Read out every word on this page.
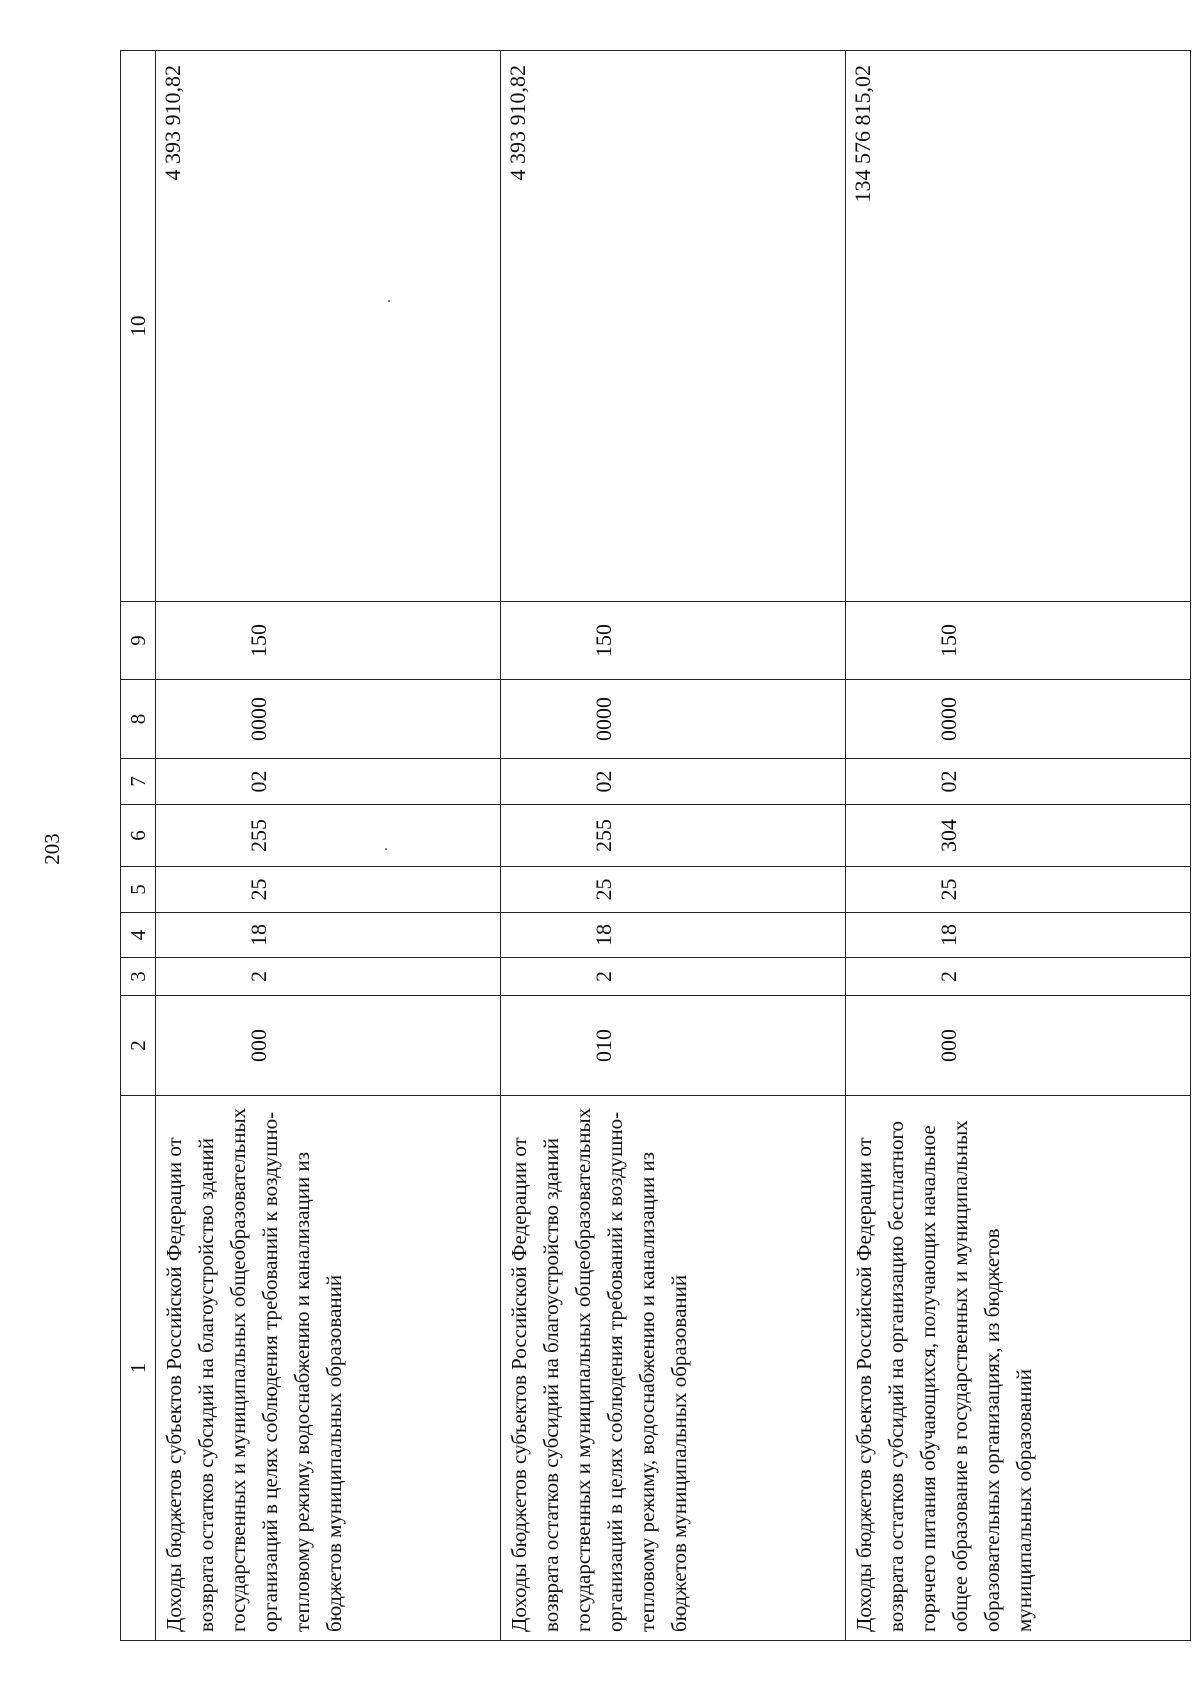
203
1	2	3	4	5	6	7	8	9	10
Доходы бюджетов субъектов Российской Федерации от возврата остатков субсидий на благоустройство зданий государственных и муниципальных общеобразовательных организаций в целях соблюдения требований к воздушно-тепловому режиму, водоснабжению и канализации из бюджетов муниципальных образований	000	2	18	25	255	02	0000	150	4 393 910,82
Доходы бюджетов субъектов Российской Федерации от возврата остатков субсидий на благоустройство зданий государственных и муниципальных общеобразовательных организаций в целях соблюдения требований к воздушно-тепловому режиму, водоснабжению и канализации из бюджетов муниципальных образований	010	2	18	25	255	02	0000	150	4 393 910,82
Доходы бюджетов субъектов Российской Федерации от возврата остатков субсидий на организацию бесплатного горячего питания обучающихся, получающих начальное общее образование в государственных и муниципальных образовательных организациях, из бюджетов муниципальных образований	000	2	18	25	304	02	0000	150	134 576 815,02
